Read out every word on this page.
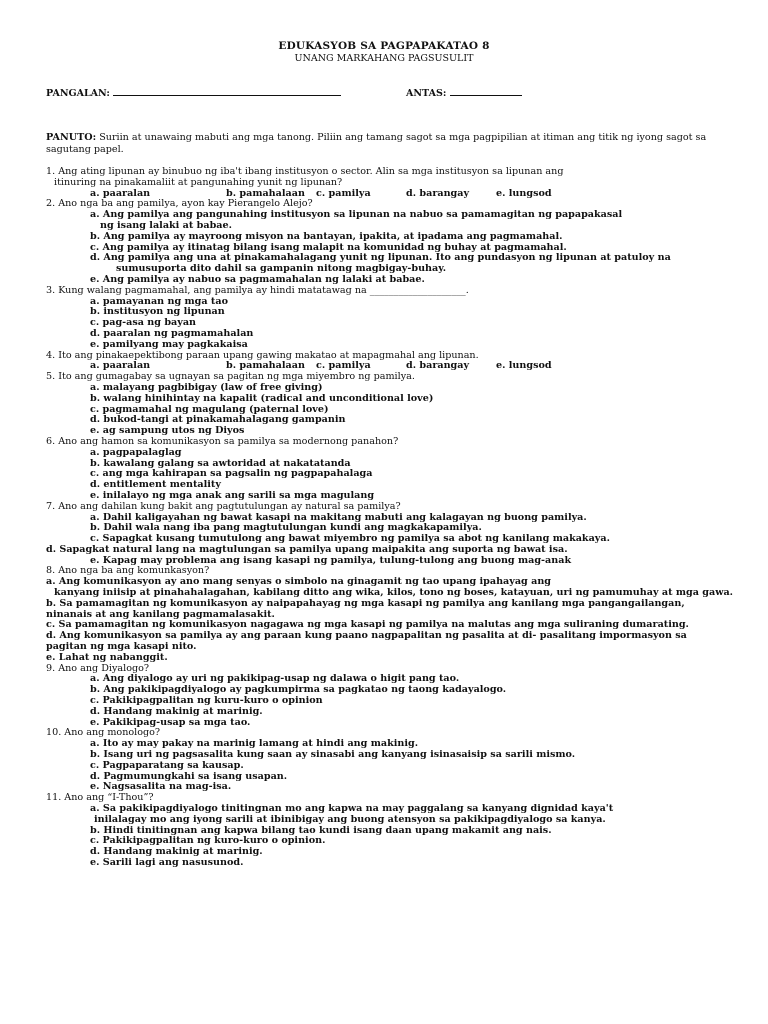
EDUKASYOB SA PAGPAPAKATAO 8
UNANG MARKAHANG PAGSUSULIT
PANGALAN:	ANTAS:
PANUTO: Suriin at unawaing mabuti ang mga tanong. Piliin ang tamang sagot sa mga pagpipilian at itiman ang titik ng iyong sagot sa sagutang papel.
1. Ang ating lipunan ay binubuo ng iba't ibang institusyon o sector. Alin sa mga institusyon sa lipunan ang
itinuring na pinakamaliit at pangunahing yunit ng lipunan?
a. paaralan	b. pamahalaan c. pamilya	d. barangay	e. lungsod
2. Ano nga ba ang pamilya, ayon kay Pierangelo Alejo?
a. Ang pamilya ang pangunahing institusyon sa lipunan na nabuo sa pamamagitan ng papapakasal
ng isang lalaki at babae.
b. Ang pamilya ay mayroong misyon na bantayan, ipakita, at ipadama ang pagmamahal.
c. Ang pamilya ay itinatag bilang isang malapit na komunidad ng buhay at pagmamahal.
d. Ang pamilya ang una at pinakamahalagang yunit ng lipunan. Ito ang pundasyon ng lipunan at patuloy na
sumusuporta dito dahil sa gampanin nitong magbigay-buhay.
e. Ang pamilya ay nabuo sa pagmamahalan ng lalaki at babae.
3. Kung walang pagmamahal, ang pamilya ay hindi matatawag na ____________________.
a. pamayanan ng mga tao
b. institusyon ng lipunan
c. pag-asa ng bayan
d. paaralan ng pagmamahalan
e. pamilyang may pagkakaisa
4. Ito ang pinakaepektibong paraan upang gawing makatao at mapagmahal ang lipunan.
a. paaralan	b. pamahalaan c. pamilya	d. barangay	e. lungsod
5. Ito ang gumagabay sa ugnayan sa pagitan ng mga miyembro ng pamilya.
a. malayang pagbibigay (law of free giving)
b. walang hinihintay na kapalit (radical and unconditional love)
c. pagmamahal ng magulang (paternal love)
d. bukod-tangi at pinakamahalagang gampanin
e. ag sampung utos ng Diyos
6. Ano ang hamon sa komunikasyon sa pamilya sa modernong panahon?
a. pagpapalaglag
b. kawalang galang sa awtoridad at nakatatanda
c. ang mga kahirapan sa pagsalin ng pagpapahalaga
d. entitlement mentality
e. inilalayo ng mga anak ang sarili sa mga magulang
7. Ano ang dahilan kung bakit ang pagtutulungan ay natural sa pamilya?
a. Dahil kaligayahan ng bawat kasapi na makitang mabuti ang kalagayan ng buong pamilya.
b. Dahil wala nang iba pang magtutulungan kundi ang magkakapamilya.
c. Sapagkat kusang tumutulong ang bawat miyembro ng pamilya sa abot ng kanilang makakaya.
d. Sapagkat natural lang na magtulungan sa pamilya upang maipakita ang suporta ng bawat isa.
e. Kapag may problema ang isang kasapi ng pamilya, tulung-tulong ang buong mag-anak
8. Ano nga ba ang komunkasyon?
a. Ang komunikasyon ay ano mang senyas o simbolo na ginagamit ng tao upang ipahayag ang
kanyang iniisip at pinahahalagahan, kabilang ditto ang wika, kilos, tono ng boses, katayuan, uri ng pamumuhay at mga gawa.
b. Sa pamamagitan ng komunikasyon ay naipapahayag ng mga kasapi ng pamilya ang kanilang mga pangangailangan, ninanais at ang kanilang pagmamalasakit.
c. Sa pamamagitan ng komunikasyon nagagawa ng mga kasapi ng pamilya na malutas ang mga suliraning dumarating.
d. Ang komunikasyon sa pamilya ay ang paraan kung paano nagpapalitan ng pasalita at di- pasalitang impormasyon sa pagitan ng mga kasapi nito.
e. Lahat ng nabanggit.
9. Ano ang Diyalogo?
a. Ang diyalogo ay uri ng pakikipag-usap ng dalawa o higit pang tao.
b. Ang pakikipagdiyalogo ay pagkumpirma sa pagkatao ng taong kadayalogo.
c. Pakikipagpalitan ng kuru-kuro o opinion
d. Handang makinig at marinig.
e. Pakikipag-usap sa mga tao.
10. Ano ang monologo?
a. Ito ay may pakay na marinig lamang at hindi ang makinig.
b. Isang uri ng pagsasalita kung saan ay sinasabi ang kanyang isinasaisip sa sarili mismo.
c. Pagpaparatang sa kausap.
d. Pagmumungkahi sa isang usapan.
e. Nagsasalita na mag-isa.
11. Ano ang “I-Thou”?
a. Sa pakikipagdiyalogo tinitingnan mo ang kapwa na may paggalang sa kanyang dignidad kaya't
inilalagay mo ang iyong sarili at ibinibigay ang buong atensyon sa pakikipagdiyalogo sa kanya.
b. Hindi tinitingnan ang kapwa bilang tao kundi isang daan upang makamit ang nais.
c. Pakikipagpalitan ng kuro-kuro o opinion.
d. Handang makinig at marinig.
e. Sarili lagi ang nasusunod.
